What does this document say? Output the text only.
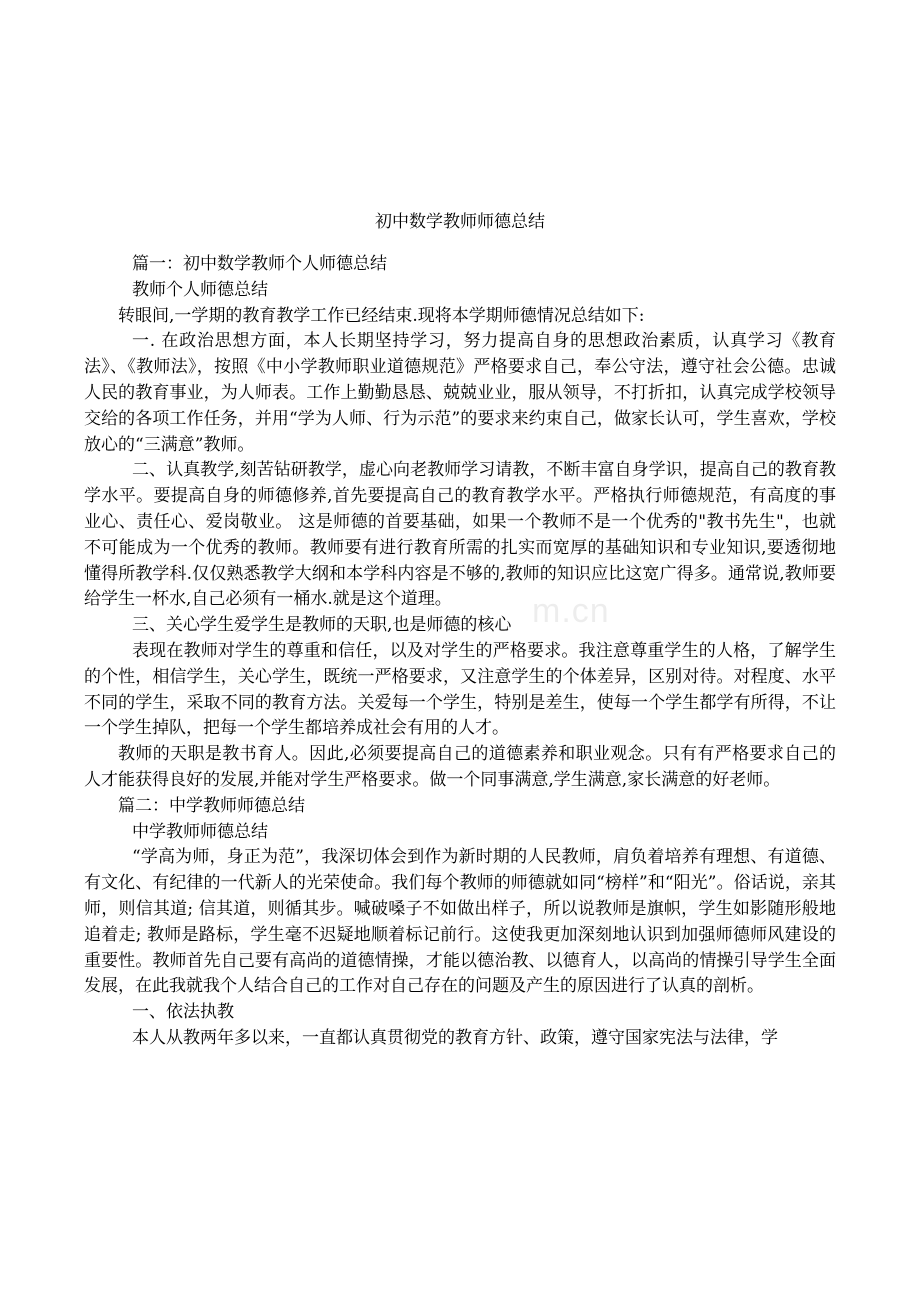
初中数学教师师德总结
m.cn

篇一：初中数学教师个人师德总结

教师个人师德总结

转眼间,一学期的教育教学工作已经结束.现将本学期师德情况总结如下:

一. 在政治思想方面，本人长期坚持学习，努力提高自身的思想政治素质，认真学习《教育法》、《教师法》，按照《中小学教师职业道德规范》严格要求自己，奉公守法，遵守社会公德。忠诚人民的教育事业，为人师表。工作上勤勤恳恳、兢兢业业，服从领导，不打折扣，认真完成学校领导交给的各项工作任务，并用“学为人师、行为示范”的要求来约束自己，做家长认可，学生喜欢，学校放心的“三满意”教师。

二、认真教学,刻苦钻研教学，虚心向老教师学习请教，不断丰富自身学识，提高自己的教育教学水平。要提高自身的师德修养,首先要提高自己的教育教学水平。严格执行师德规范，有高度的事业心、责任心、爱岗敬业。 这是师德的首要基础，如果一个教师不是一个优秀的"教书先生"，也就不可能成为一个优秀的教师。教师要有进行教育所需的扎实而宽厚的基础知识和专业知识,要透彻地懂得所教学科.仅仅熟悉教学大纲和本学科内容是不够的,教师的知识应比这宽广得多。通常说,教师要给学生一杯水,自己必须有一桶水.就是这个道理。

三、关心学生爱学生是教师的天职,也是师德的核心

表现在教师对学生的尊重和信任，以及对学生的严格要求。我注意尊重学生的人格，了解学生的个性，相信学生，关心学生，既统一严格要求，又注意学生的个体差异，区别对待。对程度、水平不同的学生，采取不同的教育方法。关爱每一个学生，特别是差生，使每一个学生都学有所得，不让一个学生掉队，把每一个学生都培养成社会有用的人才。

教师的天职是教书育人。因此,必须要提高自己的道德素养和职业观念。只有有严格要求自己的人才能获得良好的发展,并能对学生严格要求。做一个同事满意,学生满意,家长满意的好老师。

篇二：中学教师师德总结

中学教师师德总结

“学高为师，身正为范”，我深切体会到作为新时期的人民教师，肩负着培养有理想、有道德、有文化、有纪律的一代新人的光荣使命。我们每个教师的师德就如同“榜样”和“阳光”。俗话说，亲其师，则信其道; 信其道，则循其步。喊破嗓子不如做出样子，所以说教师是旗帜，学生如影随形般地追着走; 教师是路标，学生毫不迟疑地顺着标记前行。这使我更加深刻地认识到加强师德师风建设的重要性。教师首先自己要有高尚的道德情操，才能以德治教、以德育人，以高尚的情操引导学生全面发展，在此我就我个人结合自己的工作对自己存在的问题及产生的原因进行了认真的剖析。

一、依法执教

本人从教两年多以来，一直都认真贯彻党的教育方针、政策，遵守国家宪法与法律，学
